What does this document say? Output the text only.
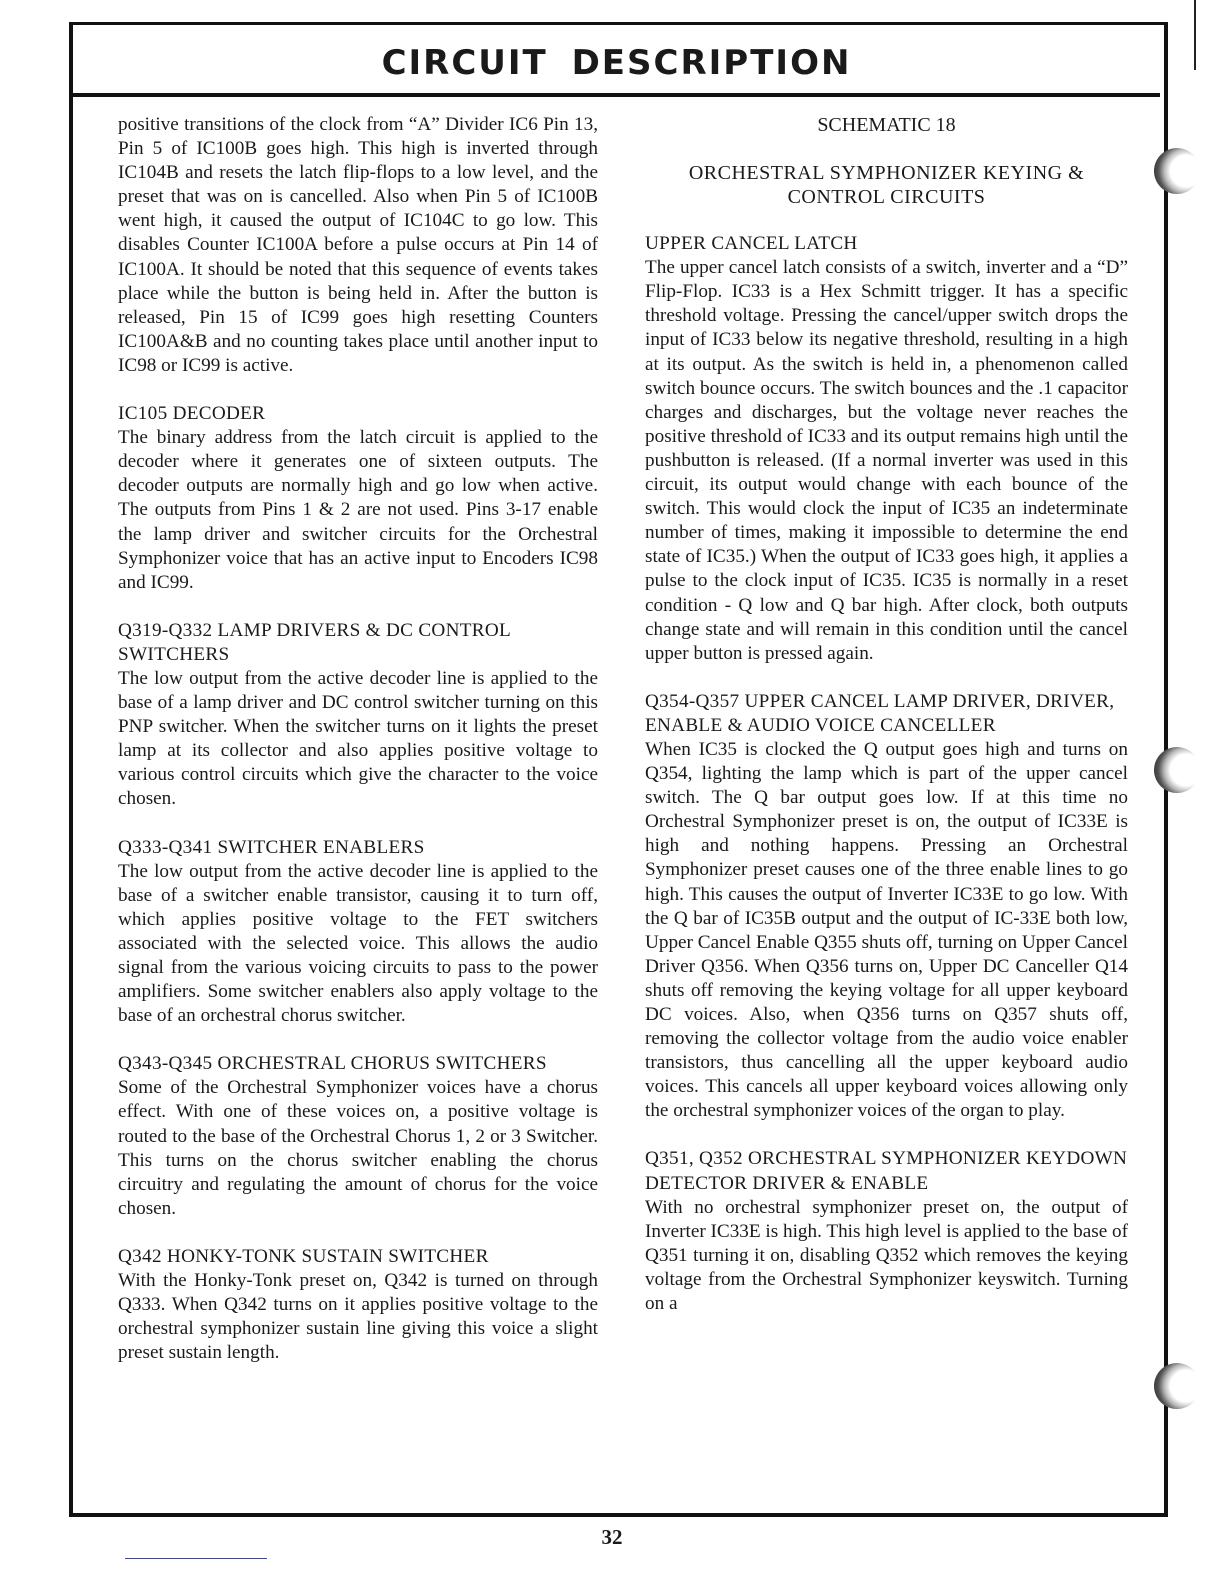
CIRCUIT DESCRIPTION

positive transitions of the clock from “A” Divider IC6 Pin 13, Pin 5 of IC100B goes high. This high is inverted through IC104B and resets the latch flip-flops to a low level, and the preset that was on is cancelled. Also when Pin 5 of IC100B went high, it caused the output of IC104C to go low. This disables Counter IC100A before a pulse occurs at Pin 14 of IC100A. It should be noted that this sequence of events takes place while the button is being held in. After the button is released, Pin 15 of IC99 goes high resetting Counters IC100A&B and no counting takes place until another input to IC98 or IC99 is active.

IC105 DECODER

The binary address from the latch circuit is applied to the decoder where it generates one of sixteen outputs. The decoder outputs are normally high and go low when active. The outputs from Pins 1 & 2 are not used. Pins 3-17 enable the lamp driver and switcher circuits for the Orchestral Symphonizer voice that has an active input to Encoders IC98 and IC99.

Q319-Q332 LAMP DRIVERS & DC CONTROL SWITCHERS

The low output from the active decoder line is applied to the base of a lamp driver and DC control switcher turning on this PNP switcher. When the switcher turns on it lights the preset lamp at its collector and also applies positive voltage to various control circuits which give the character to the voice chosen.

Q333-Q341 SWITCHER ENABLERS

The low output from the active decoder line is applied to the base of a switcher enable transistor, causing it to turn off, which applies positive voltage to the FET switchers associated with the selected voice. This allows the audio signal from the various voicing circuits to pass to the power amplifiers. Some switcher enablers also apply voltage to the base of an orchestral chorus switcher.

Q343-Q345 ORCHESTRAL CHORUS SWITCHERS

Some of the Orchestral Symphonizer voices have a chorus effect. With one of these voices on, a positive voltage is routed to the base of the Orchestral Chorus 1, 2 or 3 Switcher. This turns on the chorus switcher enabling the chorus circuitry and regulating the amount of chorus for the voice chosen.

Q342 HONKY-TONK SUSTAIN SWITCHER

With the Honky-Tonk preset on, Q342 is turned on through Q333. When Q342 turns on it applies positive voltage to the orchestral symphonizer sustain line giving this voice a slight preset sustain length.

SCHEMATIC 18
ORCHESTRAL SYMPHONIZER KEYING & CONTROL CIRCUITS
UPPER CANCEL LATCH

The upper cancel latch consists of a switch, inverter and a “D” Flip-Flop. IC33 is a Hex Schmitt trigger. It has a specific threshold voltage. Pressing the cancel/upper switch drops the input of IC33 below its negative threshold, resulting in a high at its output. As the switch is held in, a phenomenon called switch bounce occurs. The switch bounces and the .1 capacitor charges and discharges, but the voltage never reaches the positive threshold of IC33 and its output remains high until the pushbutton is released. (If a normal inverter was used in this circuit, its output would change with each bounce of the switch. This would clock the input of IC35 an indeterminate number of times, making it impossible to determine the end state of IC35.) When the output of IC33 goes high, it applies a pulse to the clock input of IC35. IC35 is normally in a reset condition - Q low and Q bar high. After clock, both outputs change state and will remain in this condition until the cancel upper button is pressed again.

Q354-Q357 UPPER CANCEL LAMP DRIVER, DRIVER, ENABLE & AUDIO VOICE CANCELLER

When IC35 is clocked the Q output goes high and turns on Q354, lighting the lamp which is part of the upper cancel switch. The Q bar output goes low. If at this time no Orchestral Symphonizer preset is on, the output of IC33E is high and nothing happens. Pressing an Orchestral Symphonizer preset causes one of the three enable lines to go high. This causes the output of Inverter IC33E to go low. With the Q bar of IC35B output and the output of IC-33E both low, Upper Cancel Enable Q355 shuts off, turning on Upper Cancel Driver Q356. When Q356 turns on, Upper DC Canceller Q14 shuts off removing the keying voltage for all upper keyboard DC voices. Also, when Q356 turns on Q357 shuts off, removing the collector voltage from the audio voice enabler transistors, thus cancelling all the upper keyboard audio voices. This cancels all upper keyboard voices allowing only the orchestral symphonizer voices of the organ to play.

Q351, Q352 ORCHESTRAL SYMPHONIZER KEYDOWN DETECTOR DRIVER & ENABLE

With no orchestral symphonizer preset on, the output of Inverter IC33E is high. This high level is applied to the base of Q351 turning it on, disabling Q352 which removes the keying voltage from the Orchestral Symphonizer keyswitch. Turning on a

32
